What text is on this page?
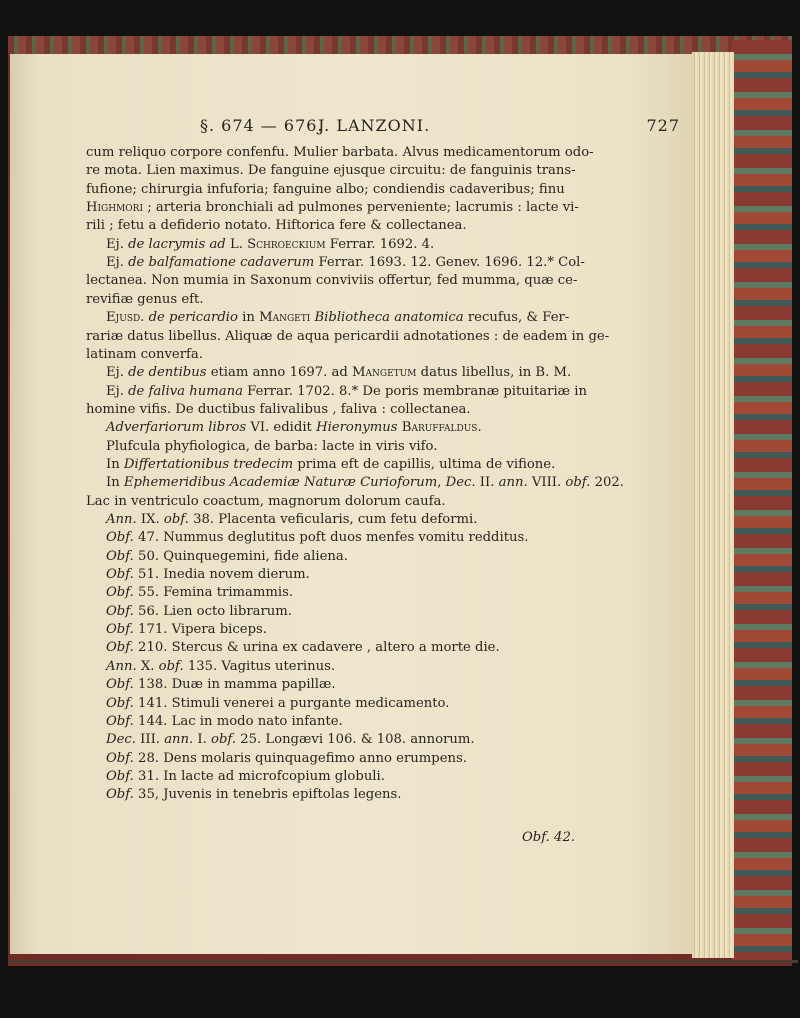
§. 674 — 676.
J. LANZONI.	727
cum reliquo corpore confenfu. Mulier barbata. Alvus medicamentorum odo-
re mota. Lien maximus. De fanguine ejusque circuitu: de fanguinis trans-
fufione; chirurgia infuforia; fanguine albo; condiendis cadaveribus; finu
Highmori ; arteria bronchiali ad pulmones perveniente; lacrumis : lacte vi-
rili ; fetu a defiderio notato. Hiftorica fere & collectanea.
Ej. de lacrymis ad L. Schroeckium Ferrar. 1692. 4.
Ej. de balfamatione cadaverum Ferrar. 1693. 12. Genev. 1696. 12.* Col-
lectanea. Non mumia in Saxonum conviviis offertur, fed mumma, quæ ce-
revifiæ genus eft.
Ejusd. de pericardio in Mangeti Bibliotheca anatomica recufus, & Fer-
rariæ datus libellus. Aliquæ de aqua pericardii adnotationes : de eadem in ge-
latinam converfa.
Ej. de dentibus etiam anno 1697. ad Mangetum datus libellus, in B. M.
Ej. de faliva humana Ferrar. 1702. 8.* De poris membranæ pituitariæ in
homine vifis. De ductibus falivalibus , faliva : collectanea.
Adverfariorum libros VI. edidit Hieronymus Baruffaldus.
Plufcula phyfiologica, de barba: lacte in viris vifo.
In Differtationibus tredecim prima eft de capillis, ultima de vifione.
In Ephemeridibus Academiæ Naturæ Curioforum, Dec. II. ann. VIII. obf. 202.
Lac in ventriculo coactum, magnorum dolorum caufa.
Ann. IX. obf. 38. Placenta veficularis, cum fetu deformi.
Obf. 47. Nummus deglutitus poft duos menfes vomitu redditus.
Obf. 50. Quinquegemini, fide aliena.
Obf. 51. Inedia novem dierum.
Obf. 55. Femina trimammis.
Obf. 56. Lien octo librarum.
Obf. 171. Vipera biceps.
Obf. 210. Stercus & urina ex cadavere , altero a morte die.
Ann. X. obf. 135. Vagitus uterinus.
Obf. 138. Duæ in mamma papillæ.
Obf. 141. Stimuli venerei a purgante medicamento.
Obf. 144. Lac in modo nato infante.
Dec. III. ann. I. obf. 25. Longævi 106. & 108. annorum.
Obf. 28. Dens molaris quinquagefimo anno erumpens.
Obf. 31. In lacte ad microfcopium globuli.
Obf. 35, Juvenis in tenebris epiftolas legens.
Obf. 42.
